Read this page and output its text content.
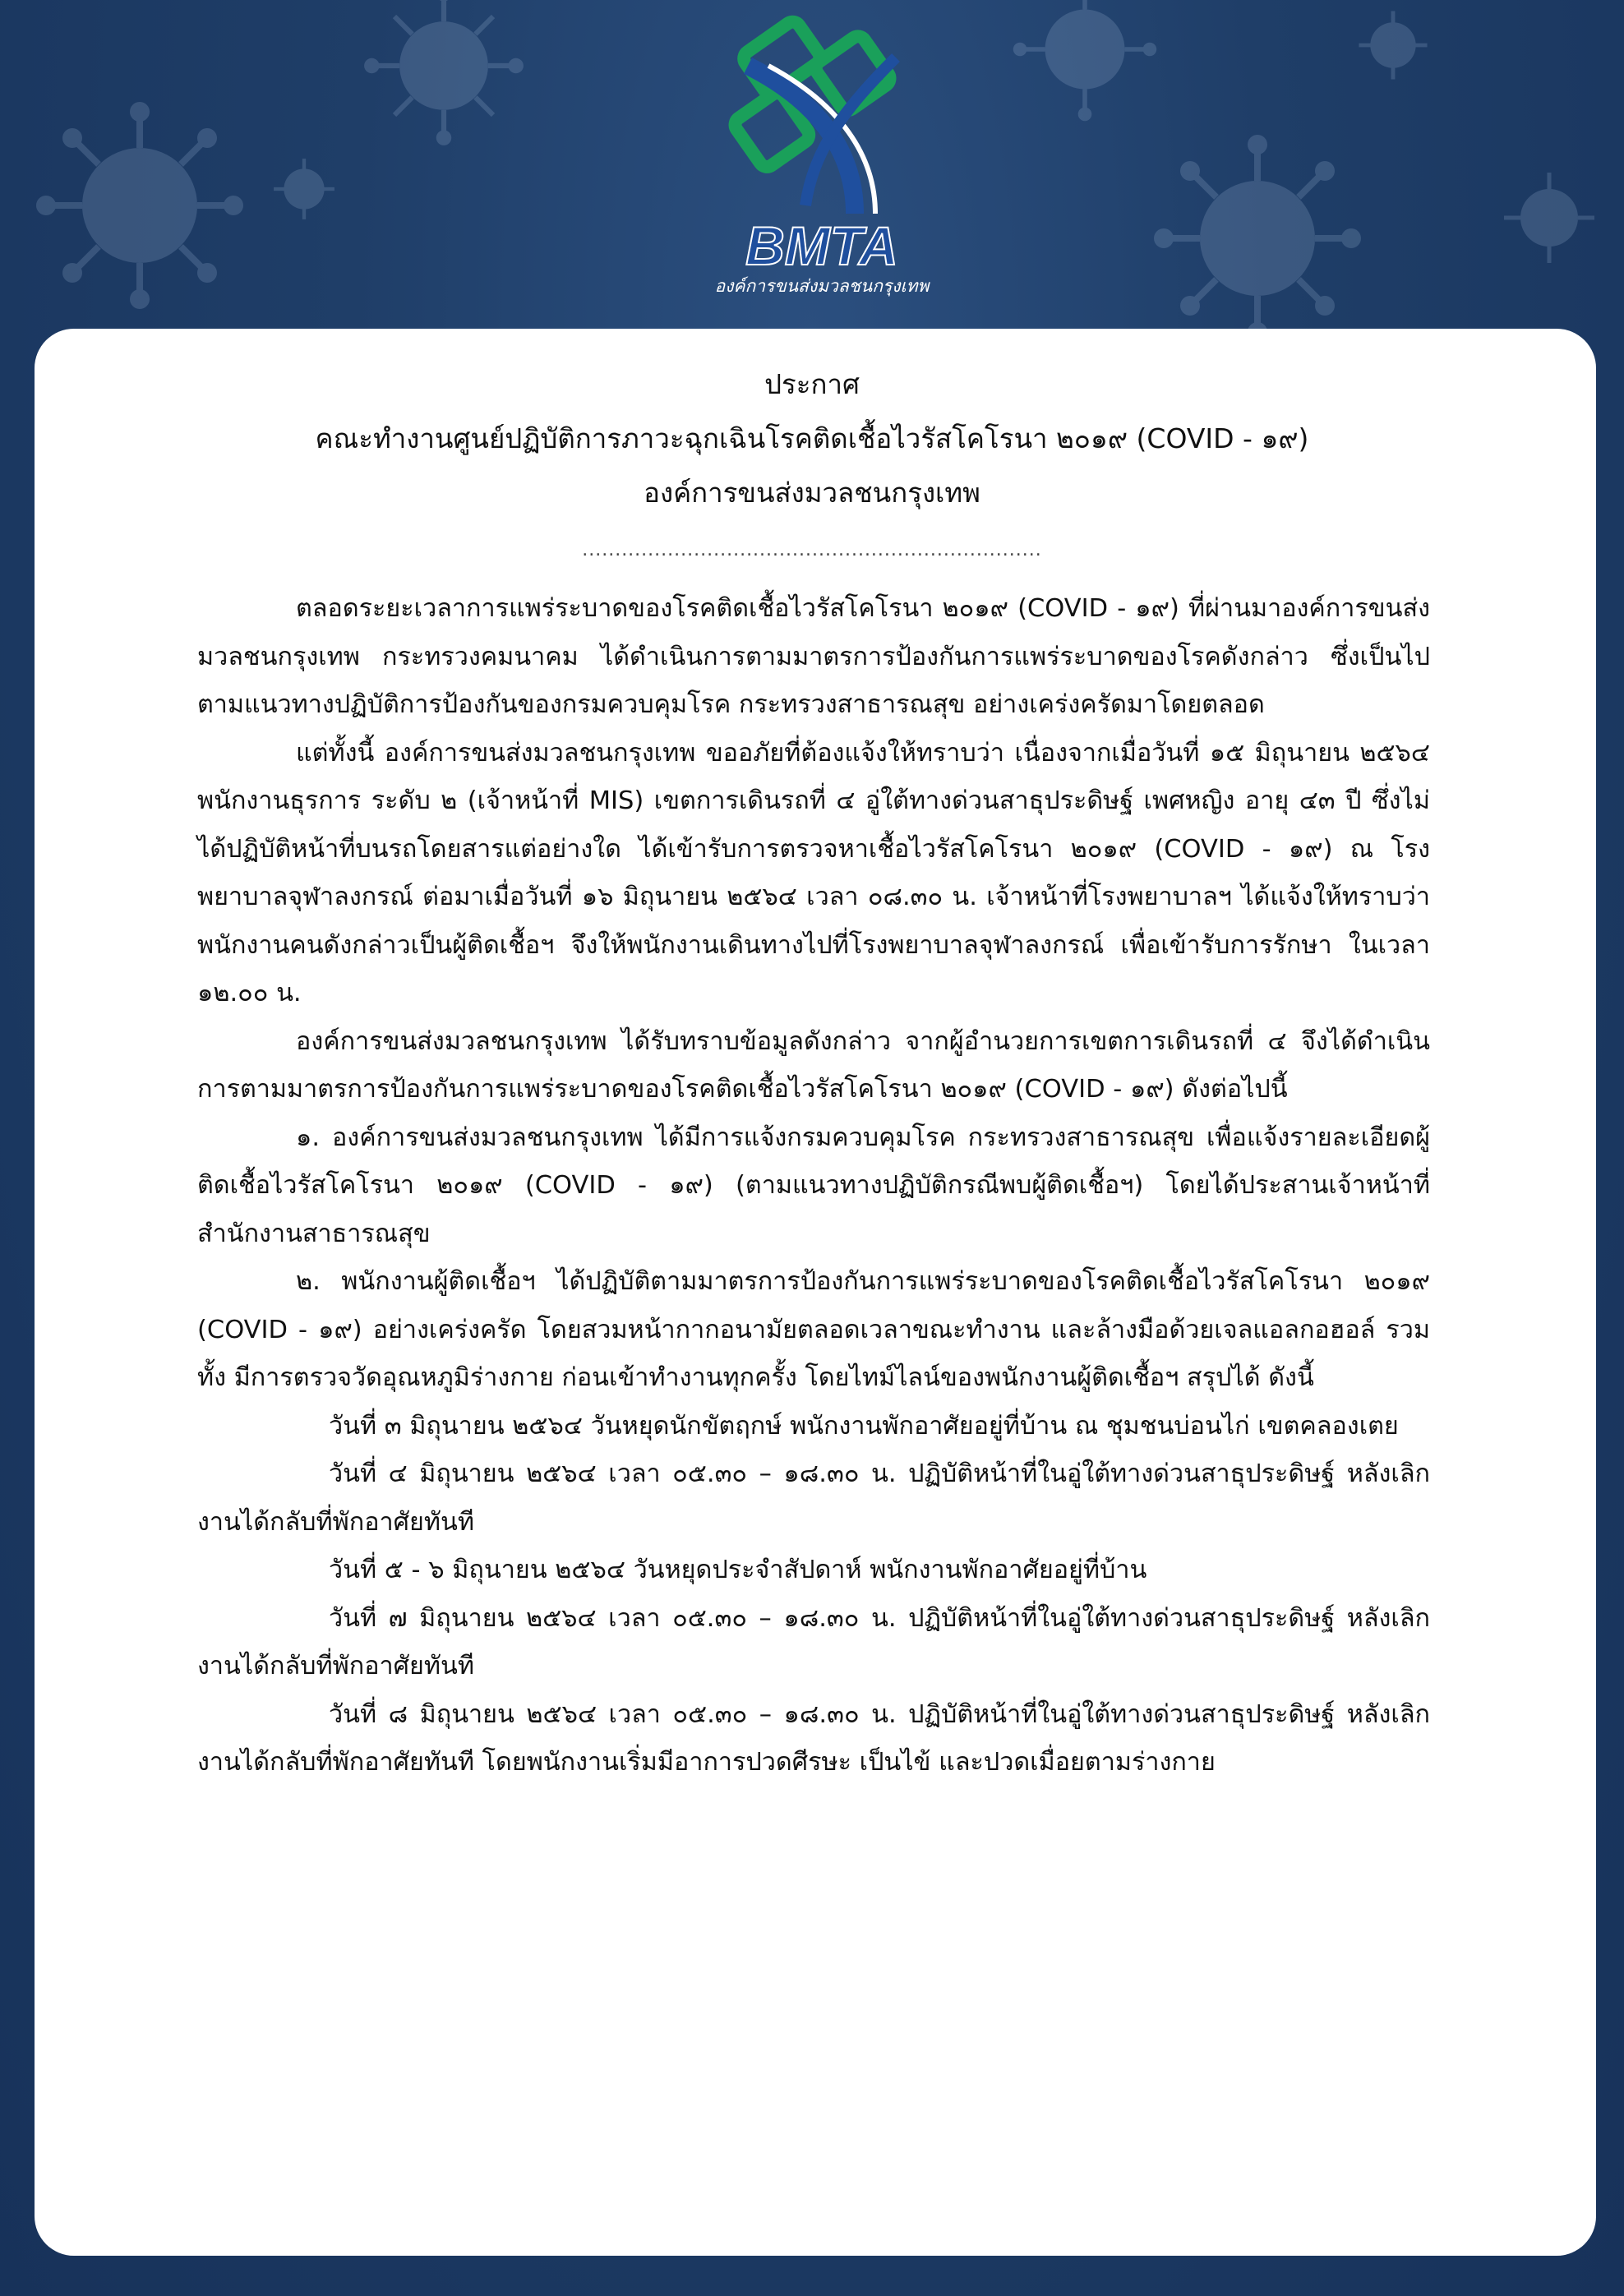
BMTA
องค์การขนส่งมวลชนกรุงเทพ
ประกาศ
คณะทำงานศูนย์ปฏิบัติการภาวะฉุกเฉินโรคติดเชื้อไวรัสโคโรนา ๒๐๑๙ (COVID - ๑๙)
องค์การขนส่งมวลชนกรุงเทพ
......................................................................

ตลอดระยะเวลาการแพร่ระบาดของโรคติดเชื้อไวรัสโคโรนา ๒๐๑๙ (COVID - ๑๙) ที่ผ่านมาองค์การขนส่งมวลชนกรุงเทพ กระทรวงคมนาคม ได้ดำเนินการตามมาตรการป้องกันการแพร่ระบาดของโรคดังกล่าว ซึ่งเป็นไปตามแนวทางปฏิบัติการป้องกันของกรมควบคุมโรค กระทรวงสาธารณสุข อย่างเคร่งครัดมาโดยตลอด

แต่ทั้งนี้ องค์การขนส่งมวลชนกรุงเทพ ขออภัยที่ต้องแจ้งให้ทราบว่า เนื่องจากเมื่อวันที่ ๑๕ มิถุนายน ๒๕๖๔ พนักงานธุรการ ระดับ ๒ (เจ้าหน้าที่ MIS) เขตการเดินรถที่ ๔ อู่ใต้ทางด่วนสาธุประดิษฐ์ เพศหญิง อายุ ๔๓ ปี ซึ่งไม่ได้ปฏิบัติหน้าที่บนรถโดยสารแต่อย่างใด ได้เข้ารับการตรวจหาเชื้อไวรัสโคโรนา ๒๐๑๙ (COVID - ๑๙) ณ โรงพยาบาลจุฬาลงกรณ์ ต่อมาเมื่อวันที่ ๑๖ มิถุนายน ๒๕๖๔ เวลา ๐๘.๓๐ น. เจ้าหน้าที่โรงพยาบาลฯ ได้แจ้งให้ทราบว่าพนักงานคนดังกล่าวเป็นผู้ติดเชื้อฯ จึงให้พนักงานเดินทางไปที่โรงพยาบาลจุฬาลงกรณ์ เพื่อเข้ารับการรักษา ในเวลา ๑๒.๐๐ น.

องค์การขนส่งมวลชนกรุงเทพ ได้รับทราบข้อมูลดังกล่าว จากผู้อำนวยการเขตการเดินรถที่ ๔ จึงได้ดำเนินการตามมาตรการป้องกันการแพร่ระบาดของโรคติดเชื้อไวรัสโคโรนา ๒๐๑๙ (COVID - ๑๙) ดังต่อไปนี้

๑. องค์การขนส่งมวลชนกรุงเทพ ได้มีการแจ้งกรมควบคุมโรค กระทรวงสาธารณสุข เพื่อแจ้งรายละเอียดผู้ติดเชื้อไวรัสโคโรนา ๒๐๑๙ (COVID - ๑๙) (ตามแนวทางปฏิบัติกรณีพบผู้ติดเชื้อฯ) โดยได้ประสานเจ้าหน้าที่สำนักงานสาธารณสุข

๒. พนักงานผู้ติดเชื้อฯ ได้ปฏิบัติตามมาตรการป้องกันการแพร่ระบาดของโรคติดเชื้อไวรัสโคโรนา ๒๐๑๙ (COVID - ๑๙) อย่างเคร่งครัด โดยสวมหน้ากากอนามัยตลอดเวลาขณะทำงาน และล้างมือด้วยเจลแอลกอฮอล์ รวมทั้ง มีการตรวจวัดอุณหภูมิร่างกาย ก่อนเข้าทำงานทุกครั้ง โดยไทม์ไลน์ของพนักงานผู้ติดเชื้อฯ สรุปได้ ดังนี้

วันที่ ๓ มิถุนายน ๒๕๖๔ วันหยุดนักขัตฤกษ์ พนักงานพักอาศัยอยู่ที่บ้าน ณ ชุมชนบ่อนไก่ เขตคลองเตย

วันที่ ๔ มิถุนายน ๒๕๖๔ เวลา ๐๕.๓๐ – ๑๘.๓๐ น. ปฏิบัติหน้าที่ในอู่ใต้ทางด่วนสาธุประดิษฐ์ หลังเลิกงานได้กลับที่พักอาศัยทันที

วันที่ ๕ - ๖ มิถุนายน ๒๕๖๔ วันหยุดประจำสัปดาห์ พนักงานพักอาศัยอยู่ที่บ้าน

วันที่ ๗ มิถุนายน ๒๕๖๔ เวลา ๐๕.๓๐ – ๑๘.๓๐ น. ปฏิบัติหน้าที่ในอู่ใต้ทางด่วนสาธุประดิษฐ์ หลังเลิกงานได้กลับที่พักอาศัยทันที

วันที่ ๘ มิถุนายน ๒๕๖๔ เวลา ๐๕.๓๐ – ๑๘.๓๐ น. ปฏิบัติหน้าที่ในอู่ใต้ทางด่วนสาธุประดิษฐ์ หลังเลิกงานได้กลับที่พักอาศัยทันที โดยพนักงานเริ่มมีอาการปวดศีรษะ เป็นไข้ และปวดเมื่อยตามร่างกาย
